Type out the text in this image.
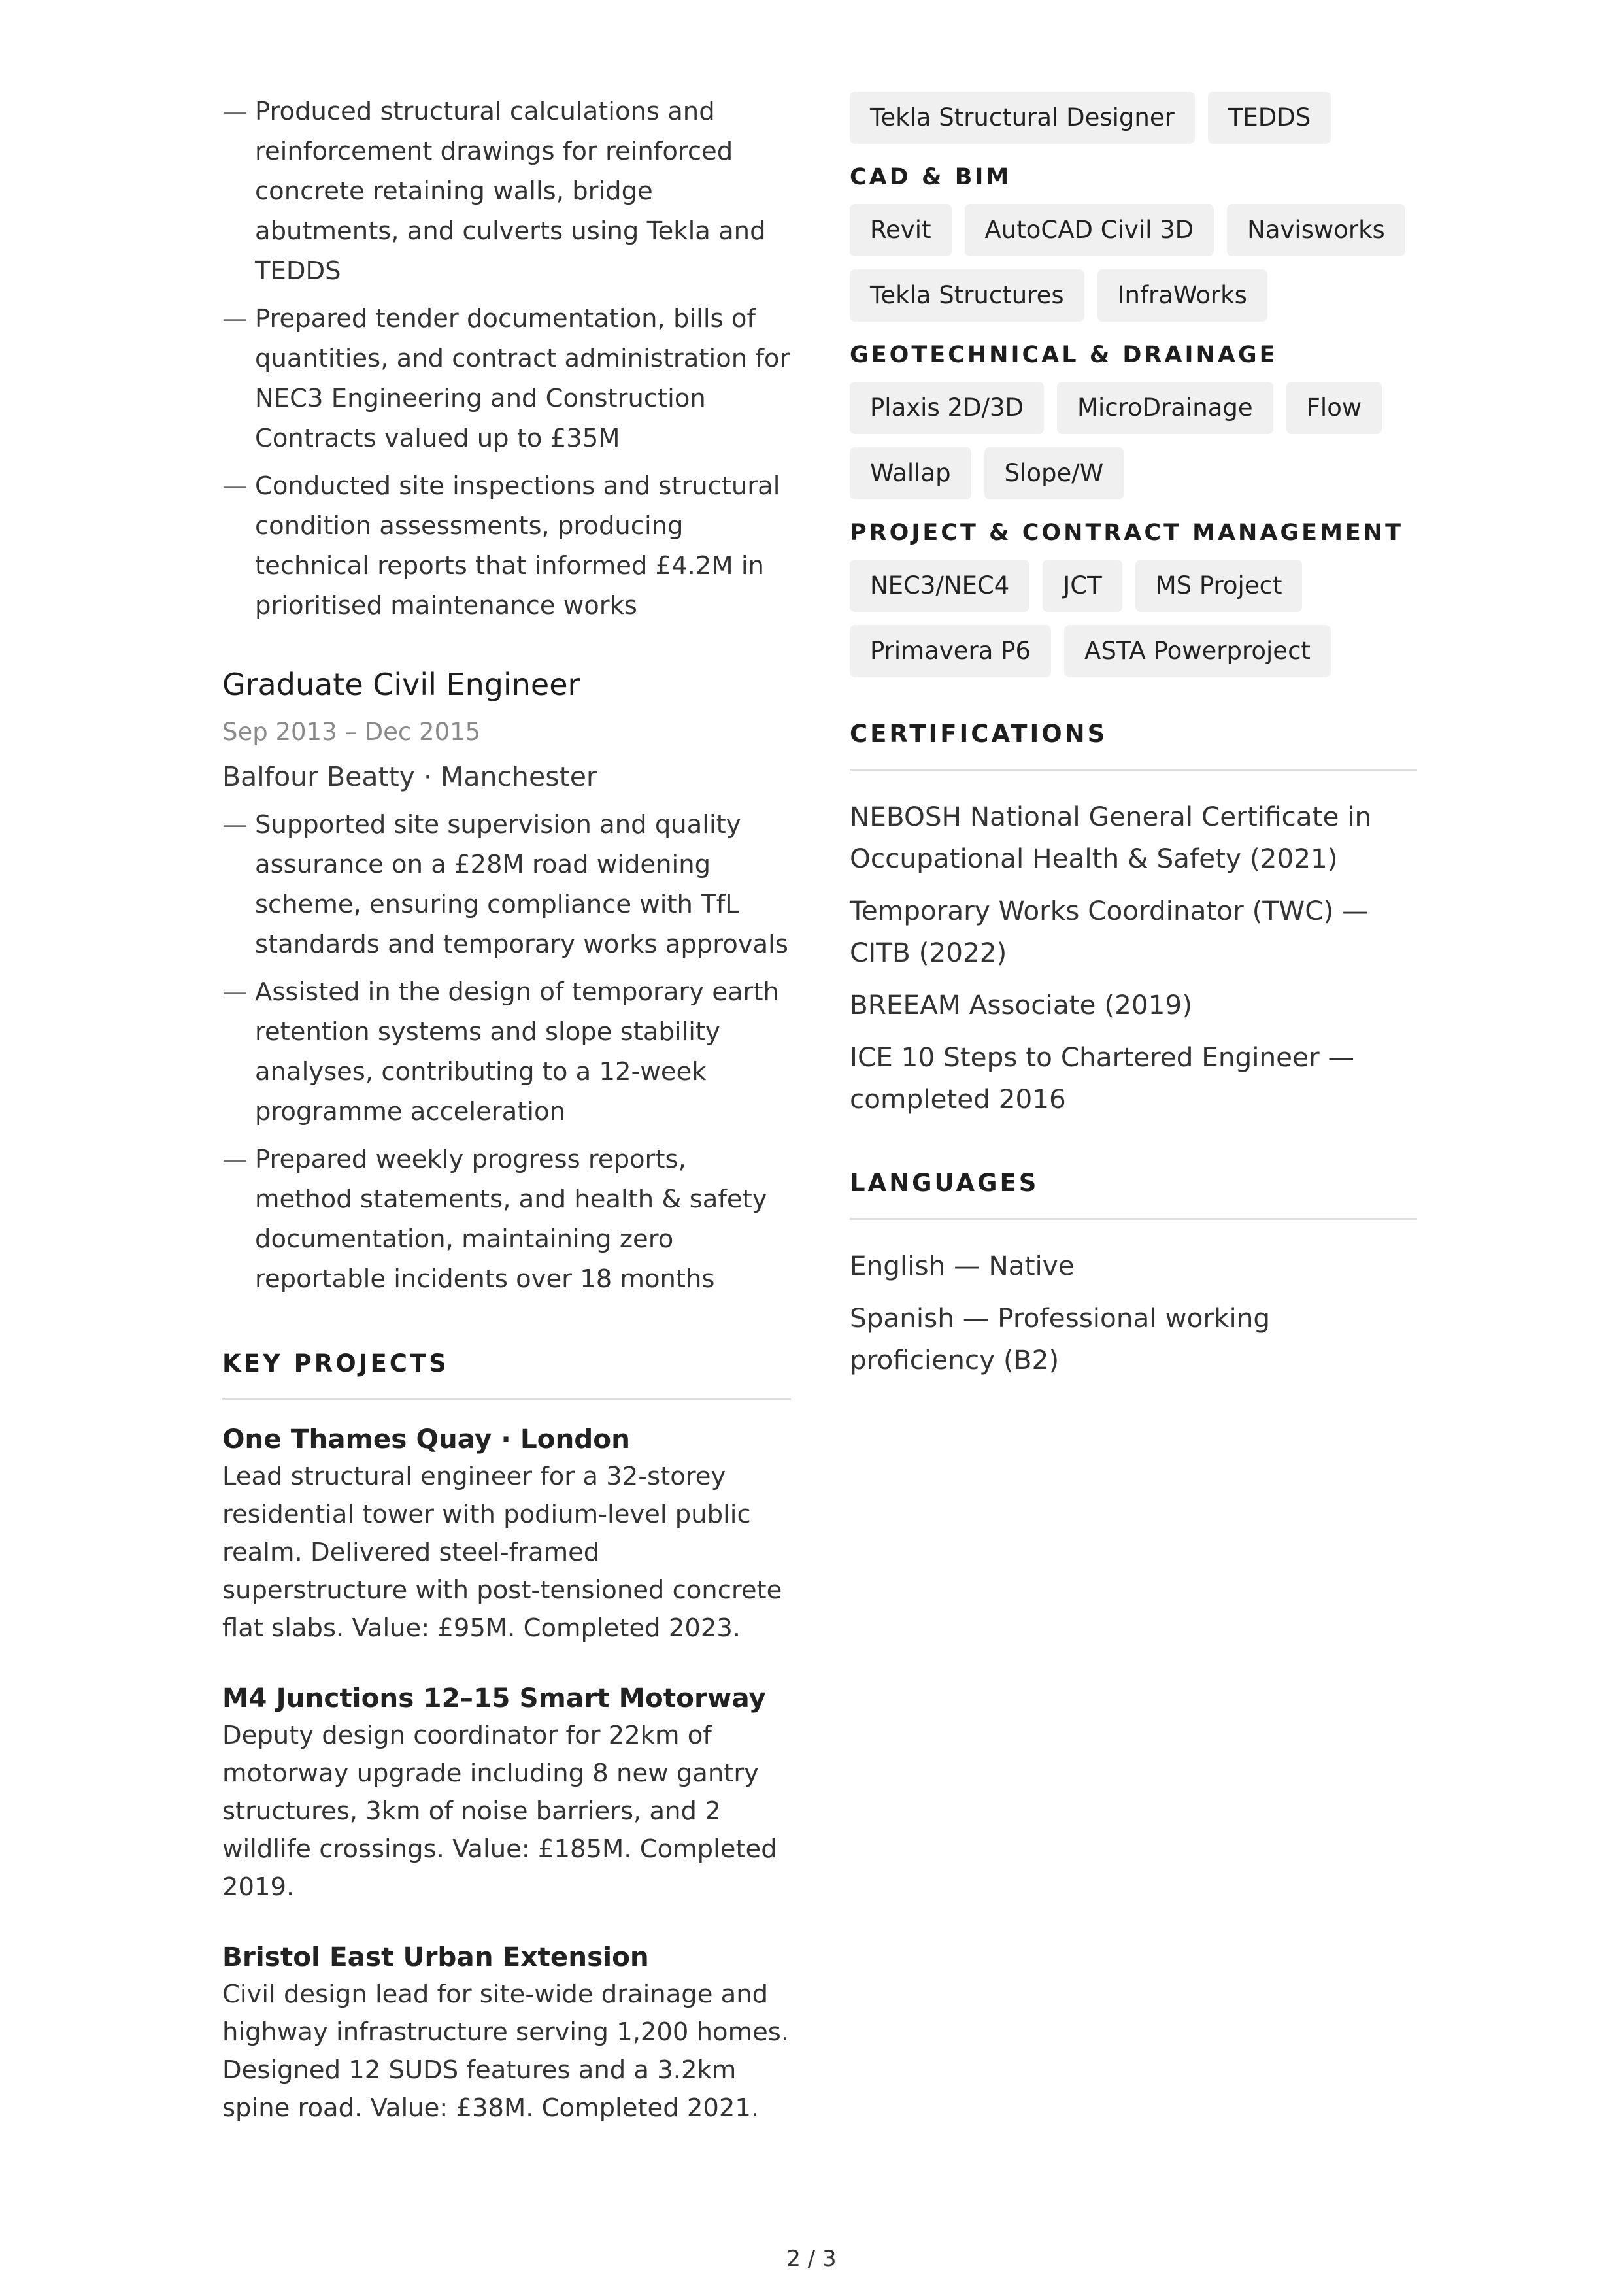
— Produced structural calculations and reinforcement drawings for reinforced concrete retaining walls, bridge abutments, and culverts using Tekla and TEDDS
— Prepared tender documentation, bills of quantities, and contract administration for NEC3 Engineering and Construction Contracts valued up to £35M
— Conducted site inspections and structural condition assessments, producing technical reports that informed £4.2M in prioritised maintenance works
Graduate Civil Engineer
Sep 2013 – Dec 2015
Balfour Beatty · Manchester
— Supported site supervision and quality assurance on a £28M road widening scheme, ensuring compliance with TfL standards and temporary works approvals
— Assisted in the design of temporary earth retention systems and slope stability analyses, contributing to a 12-week programme acceleration
— Prepared weekly progress reports, method statements, and health & safety documentation, maintaining zero reportable incidents over 18 months
KEY PROJECTS
One Thames Quay · London
Lead structural engineer for a 32-storey residential tower with podium-level public realm. Delivered steel-framed superstructure with post-tensioned concrete flat slabs. Value: £95M. Completed 2023.
M4 Junctions 12–15 Smart Motorway
Deputy design coordinator for 22km of motorway upgrade including 8 new gantry structures, 3km of noise barriers, and 2 wildlife crossings. Value: £185M. Completed 2019.
Bristol East Urban Extension
Civil design lead for site-wide drainage and highway infrastructure serving 1,200 homes. Designed 12 SUDS features and a 3.2km spine road. Value: £38M. Completed 2021.
Tekla Structural Designer	TEDDS
CAD & BIM
Revit	AutoCAD Civil 3D	Navisworks
Tekla Structures	InfraWorks
GEOTECHNICAL & DRAINAGE
Plaxis 2D/3D	MicroDrainage	Flow
Wallap	Slope/W
PROJECT & CONTRACT MANAGEMENT
NEC3/NEC4	JCT	MS Project
Primavera P6	ASTA Powerproject
CERTIFICATIONS
NEBOSH National General Certificate in Occupational Health & Safety (2021)
Temporary Works Coordinator (TWC) — CITB (2022)
BREEAM Associate (2019)
ICE 10 Steps to Chartered Engineer — completed 2016
LANGUAGES
English — Native
Spanish — Professional working proficiency (B2)
2 / 3
